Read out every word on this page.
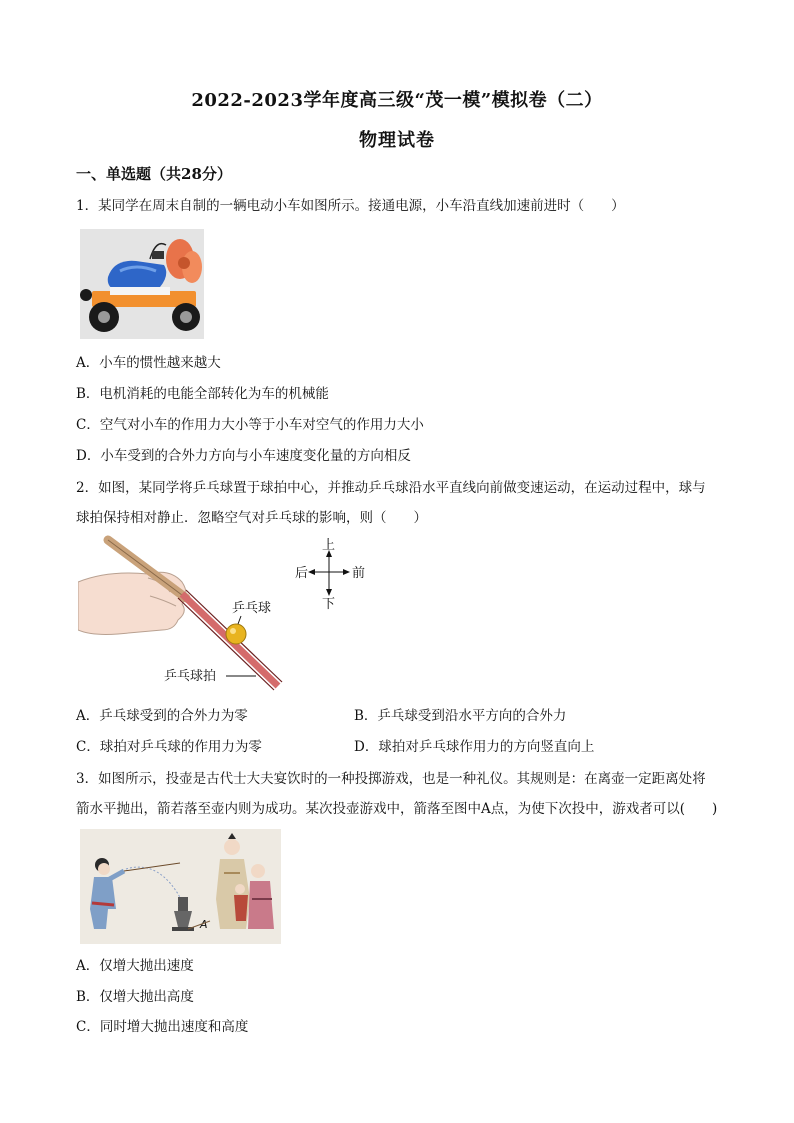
2022-2023学年度高三级“茂一模”模拟卷（二）
物理试卷
一、单选题（共28分）
1．某同学在周末自制的一辆电动小车如图所示。接通电源，小车沿直线加速前进时（　　）
A．小车的惯性越来越大
B．电机消耗的电能全部转化为车的机械能
C．空气对小车的作用力大小等于小车对空气的作用力大小
D．小车受到的合外力方向与小车速度变化量的方向相反
2．如图，某同学将乒乓球置于球拍中心，并推动乒乓球沿水平直线向前做变速运动，在运动过程中，球与
球拍保持相对静止．忽略空气对乒乓球的影响，则（　　）
乒乓球
乒乓球拍
上
下
后	前
A．乒乓球受到的合外力为零	B．乒乓球受到沿水平方向的合外力
C．球拍对乒乓球的作用力为零	D．球拍对乒乓球作用力的方向竖直向上
3．如图所示，投壶是古代士大夫宴饮时的一种投掷游戏，也是一种礼仪。其规则是：在离壶一定距离处将
箭水平抛出，箭若落至壶内则为成功。某次投壶游戏中，箭落至图中A点，为使下次投中，游戏者可以(　　)
A
A．仅增大抛出速度
B．仅增大抛出高度
C．同时增大抛出速度和高度
